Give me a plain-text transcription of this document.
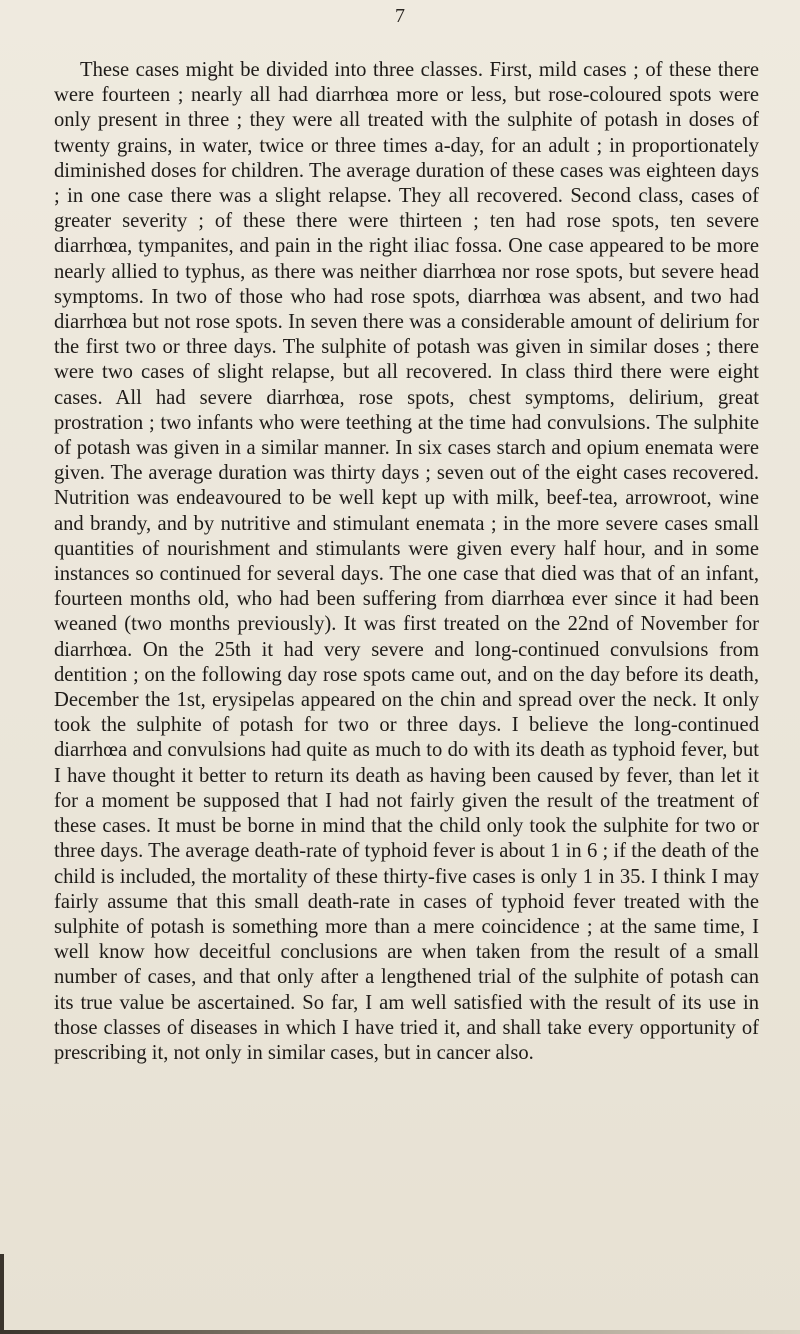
7

These cases might be divided into three classes. First, mild cases ; of these there were fourteen ; nearly all had diarrhœa more or less, but rose-coloured spots were only present in three ; they were all treated with the sulphite of potash in doses of twenty grains, in water, twice or three times a-day, for an adult ; in proportionately diminished doses for children. The average duration of these cases was eighteen days ; in one case there was a slight relapse. They all recovered. Second class, cases of greater severity ; of these there were thirteen ; ten had rose spots, ten severe diarrhœa, tympanites, and pain in the right iliac fossa. One case appeared to be more nearly allied to typhus, as there was neither diarrhœa nor rose spots, but severe head symptoms. In two of those who had rose spots, diarrhœa was absent, and two had diarrhœa but not rose spots. In seven there was a considerable amount of delirium for the first two or three days. The sulphite of potash was given in similar doses ; there were two cases of slight relapse, but all recovered. In class third there were eight cases. All had severe diarrhœa, rose spots, chest symptoms, delirium, great prostration ; two infants who were teething at the time had convulsions. The sulphite of potash was given in a similar manner. In six cases starch and opium enemata were given. The average duration was thirty days ; seven out of the eight cases recovered. Nutrition was endeavoured to be well kept up with milk, beef-tea, arrowroot, wine and brandy, and by nutritive and stimulant enemata ; in the more severe cases small quantities of nourishment and stimulants were given every half hour, and in some instances so continued for several days. The one case that died was that of an infant, fourteen months old, who had been suffering from diarrhœa ever since it had been weaned (two months previously). It was first treated on the 22nd of November for diarrhœa. On the 25th it had very severe and long-continued convulsions from dentition ; on the following day rose spots came out, and on the day before its death, December the 1st, erysipelas appeared on the chin and spread over the neck. It only took the sulphite of potash for two or three days. I believe the long-continued diarrhœa and convulsions had quite as much to do with its death as typhoid fever, but I have thought it better to return its death as having been caused by fever, than let it for a moment be supposed that I had not fairly given the result of the treatment of these cases. It must be borne in mind that the child only took the sulphite for two or three days. The average death-rate of typhoid fever is about 1 in 6 ; if the death of the child is included, the mortality of these thirty-five cases is only 1 in 35. I think I may fairly assume that this small death-rate in cases of typhoid fever treated with the sulphite of potash is something more than a mere coincidence ; at the same time, I well know how deceitful conclusions are when taken from the result of a small number of cases, and that only after a lengthened trial of the sulphite of potash can its true value be ascertained. So far, I am well satisfied with the result of its use in those classes of diseases in which I have tried it, and shall take every opportunity of prescribing it, not only in similar cases, but in cancer also.
